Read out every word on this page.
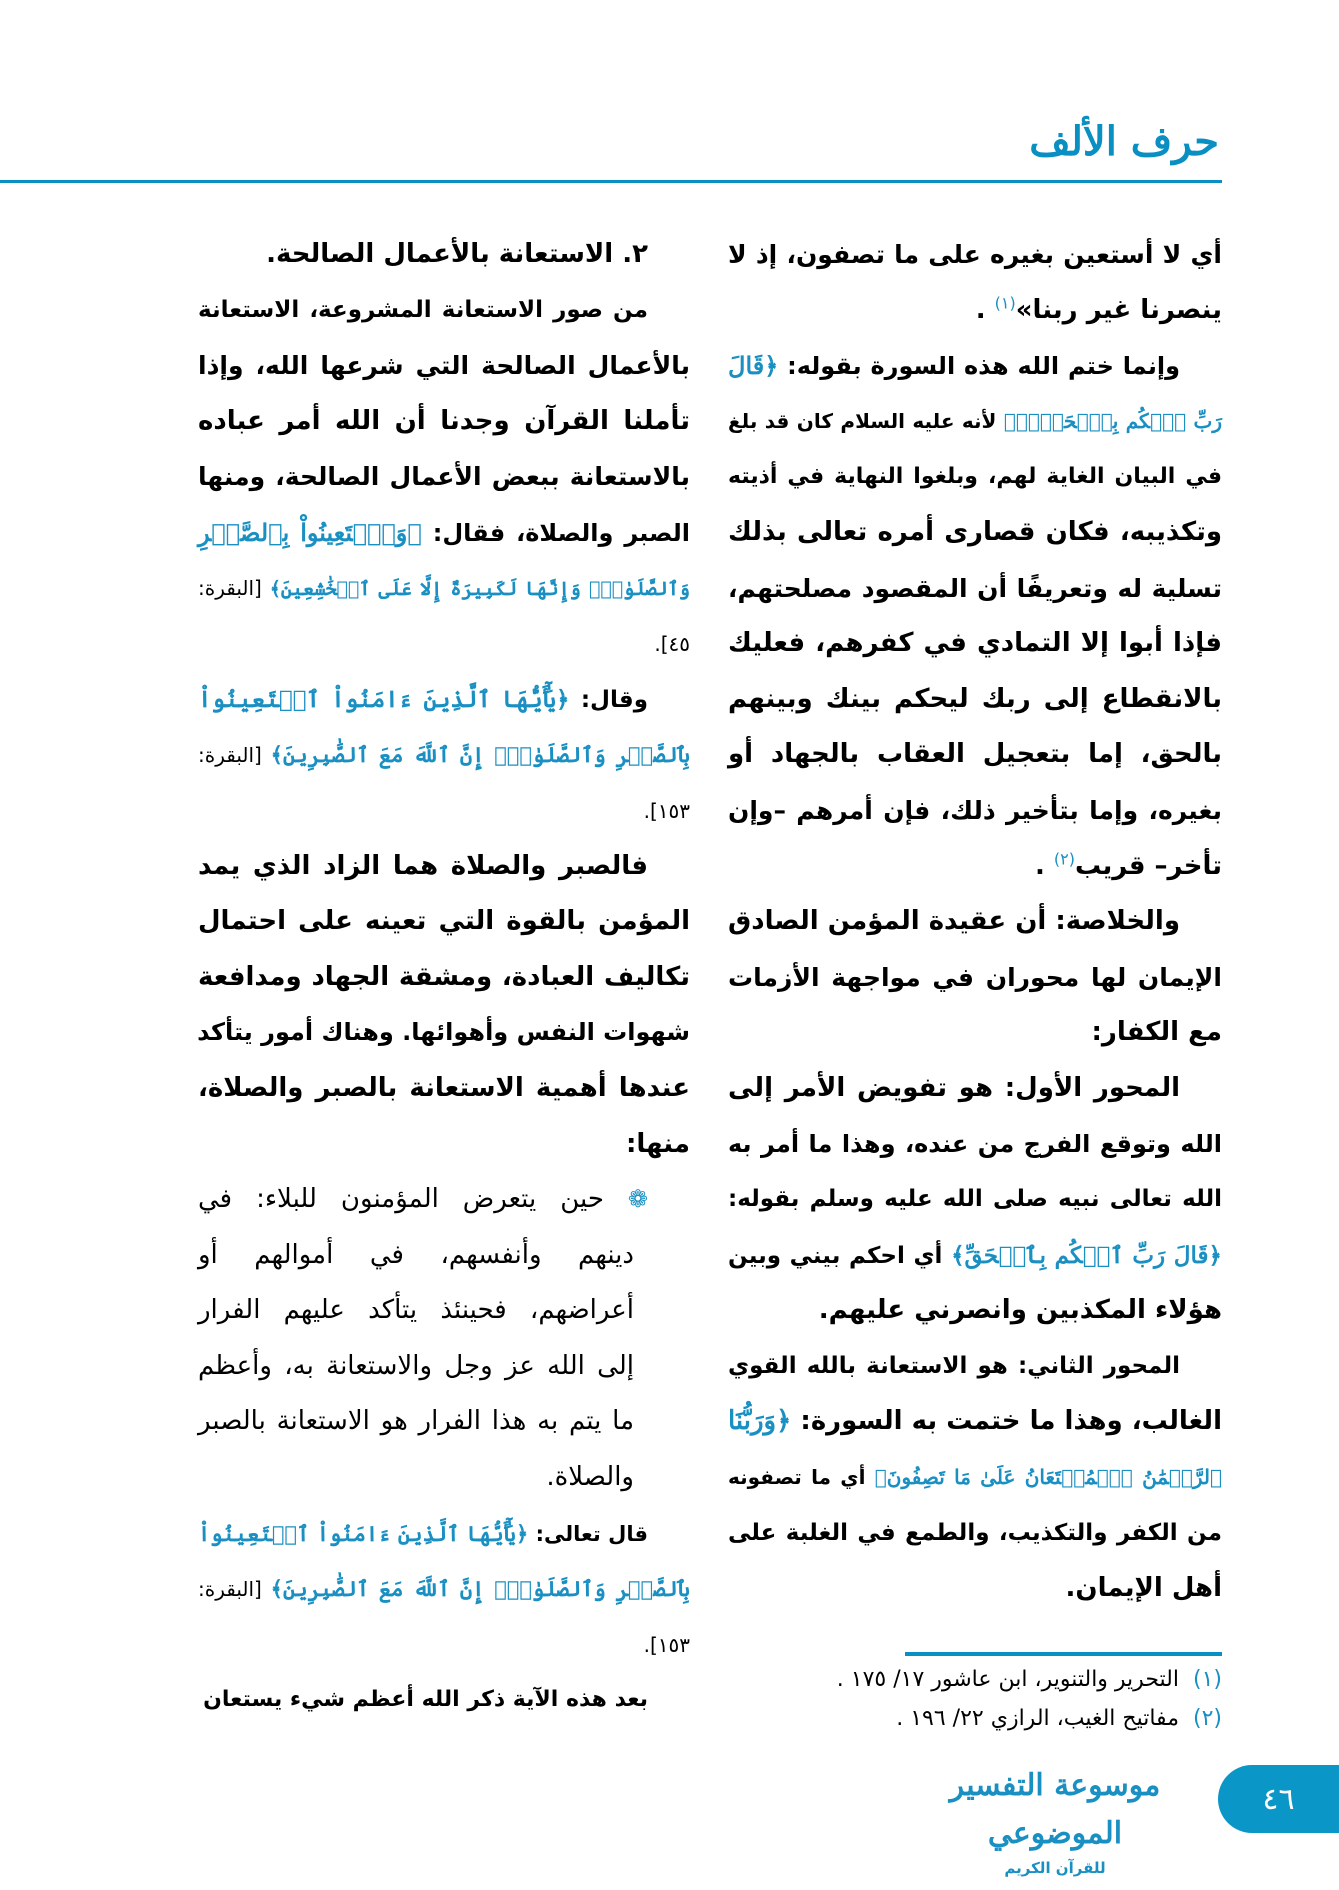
حرف الألف
أي لا أستعين بغيره على ما تصفون، إذ لا
ينصرنا غير ربنا»$^{(١)}$ .
وإنما ختم الله هذه السورة بقوله: ﴿قَالَ
رَبِّ ٱحۡكُم بِٱلۡحَقِّۗ﴾ لأنه عليه السلام كان قد بلغ
في البيان الغاية لهم، وبلغوا النهاية في أذيته
وتكذيبه، فكان قصارى أمره تعالى بذلك
تسلية له وتعريفًا أن المقصود مصلحتهم،
فإذا أبوا إلا التمادي في كفرهم، فعليك
بالانقطاع إلى ربك ليحكم بينك وبينهم
بالحق، إما بتعجيل العقاب بالجهاد أو
بغيره، وإما بتأخير ذلك، فإن أمرهم –وإن
تأخر– قريب$^{(٢)}$ .
والخلاصة: أن عقيدة المؤمن الصادق
الإيمان لها محوران في مواجهة الأزمات
مع الكفار:
المحور الأول: هو تفويض الأمر إلى
الله وتوقع الفرج من عنده، وهذا ما أمر به
الله تعالى نبيه صلى الله عليه وسلم بقوله:
﴿قَالَ رَبِّ ٱحۡكُم بِٱلۡحَقِّ﴾ أي احكم بيني وبين
هؤلاء المكذبين وانصرني عليهم.
المحور الثاني: هو الاستعانة بالله القوي
الغالب، وهذا ما ختمت به السورة: ﴿وَرَبُّنَا
ٱلرَّحۡمَٰنُ ٱلۡمُسۡتَعَانُ عَلَىٰ مَا تَصِفُونَ﴾ أي ما تصفونه
من الكفر والتكذيب، والطمع في الغلبة على
أهل الإيمان.
٢. الاستعانة بالأعمال الصالحة.
من صور الاستعانة المشروعة، الاستعانة
بالأعمال الصالحة التي شرعها الله، وإذا
تأملنا القرآن وجدنا أن الله أمر عباده
بالاستعانة ببعض الأعمال الصالحة، ومنها
الصبر والصلاة، فقال: ﴿وَٱسۡتَعِينُواْ بِٱلصَّبۡرِ
وَٱلصَّلَوٰةِۚ وَإِنَّهَا لَكَبِيرَةٌ إِلَّا عَلَى ٱلۡخَٰشِعِينَ﴾ [البقرة:
٤٥].
وقال: ﴿يَٰٓأَيُّهَا ٱلَّذِينَ ءَامَنُواْ ٱسۡتَعِينُواْ
بِٱلصَّبۡرِ وَٱلصَّلَوٰةِۚ إِنَّ ٱللَّهَ مَعَ ٱلصَّٰبِرِينَ﴾ [البقرة:
١٥٣].
فالصبر والصلاة هما الزاد الذي يمد
المؤمن بالقوة التي تعينه على احتمال
تكاليف العبادة، ومشقة الجهاد ومدافعة
شهوات النفس وأهوائها. وهناك أمور يتأكد
عندها أهمية الاستعانة بالصبر والصلاة،
منها:
❁ حين يتعرض المؤمنون للبلاء: في
دينهم وأنفسهم، في أموالهم أو
أعراضهم، فحينئذ يتأكد عليهم الفرار
إلى الله عز وجل والاستعانة به، وأعظم
ما يتم به هذا الفرار هو الاستعانة بالصبر
والصلاة.
قال تعالى: ﴿يَٰٓأَيُّهَا ٱلَّذِينَ ءَامَنُواْ ٱسۡتَعِينُواْ
بِٱلصَّبۡرِ وَٱلصَّلَوٰةِۚ إِنَّ ٱللَّهَ مَعَ ٱلصَّٰبِرِينَ﴾ [البقرة:
١٥٣].
بعد هذه الآية ذكر الله أعظم شيء يستعان
(١)التحرير والتنوير، ابن عاشور ١٧/ ١٧٥ .
(٢)مفاتيح الغيب، الرازي ٢٢/ ١٩٦ .
موسوعة التفسير الموضوعي
للقرآن الكريم
٤٦
